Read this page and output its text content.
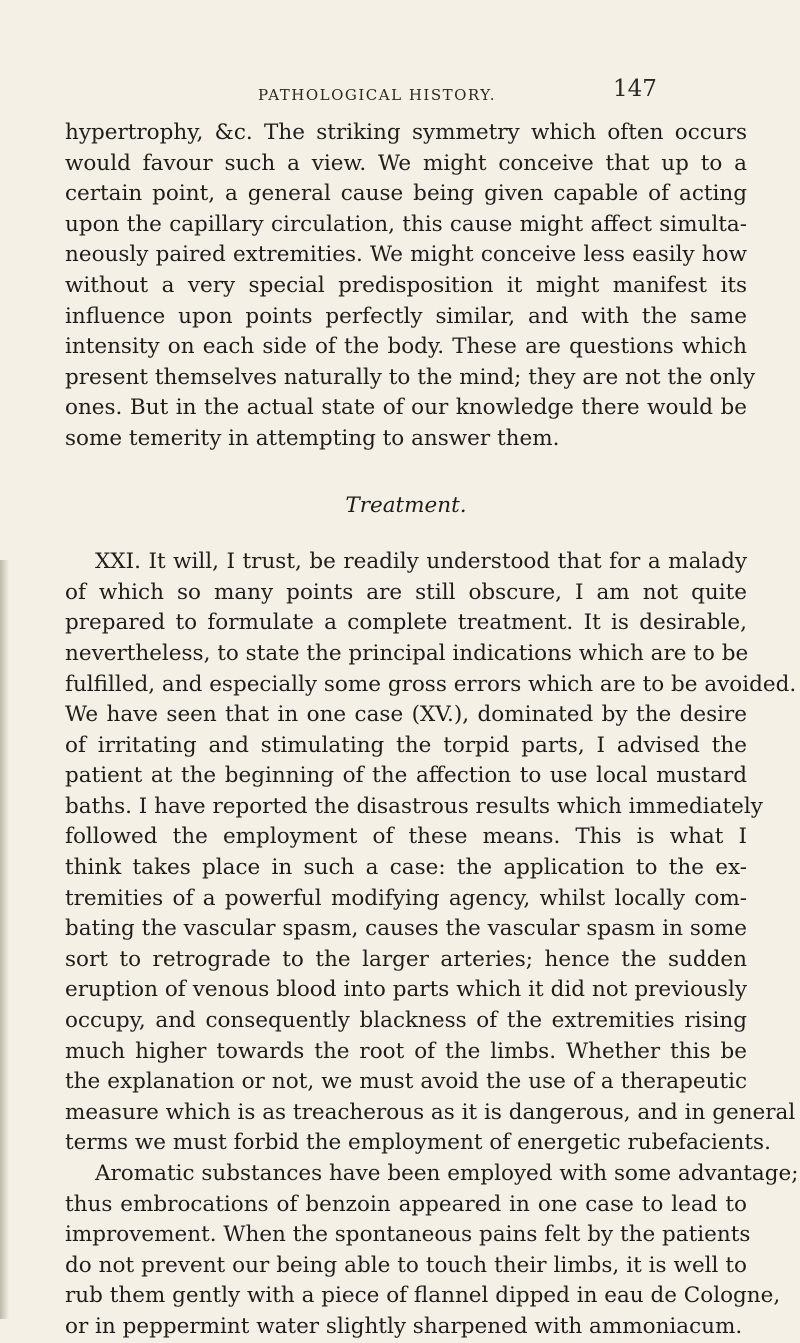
PATHOLOGICAL HISTORY.	147
hypertrophy, &c. The striking symmetry which often occurs
would favour such a view. We might conceive that up to a
certain point, a general cause being given capable of acting
upon the capillary circulation, this cause might affect simulta-
neously paired extremities. We might conceive less easily how
without a very special predisposition it might manifest its
influence upon points perfectly similar, and with the same
intensity on each side of the body. These are questions which
present themselves naturally to the mind; they are not the only
ones. But in the actual state of our knowledge there would be
some temerity in attempting to answer them.
Treatment.
XXI. It will, I trust, be readily understood that for a malady
of which so many points are still obscure, I am not quite
prepared to formulate a complete treatment. It is desirable,
nevertheless, to state the principal indications which are to be
fulfilled, and especially some gross errors which are to be avoided.
We have seen that in one case (XV.), dominated by the desire
of irritating and stimulating the torpid parts, I advised the
patient at the beginning of the affection to use local mustard
baths. I have reported the disastrous results which immediately
followed the employment of these means. This is what I
think takes place in such a case: the application to the ex-
tremities of a powerful modifying agency, whilst locally com-
bating the vascular spasm, causes the vascular spasm in some
sort to retrograde to the larger arteries; hence the sudden
eruption of venous blood into parts which it did not previously
occupy, and consequently blackness of the extremities rising
much higher towards the root of the limbs. Whether this be
the explanation or not, we must avoid the use of a therapeutic
measure which is as treacherous as it is dangerous, and in general
terms we must forbid the employment of energetic rubefacients.
Aromatic substances have been employed with some advantage;
thus embrocations of benzoin appeared in one case to lead to
improvement. When the spontaneous pains felt by the patients
do not prevent our being able to touch their limbs, it is well to
rub them gently with a piece of flannel dipped in eau de Cologne,
or in peppermint water slightly sharpened with ammoniacum.
